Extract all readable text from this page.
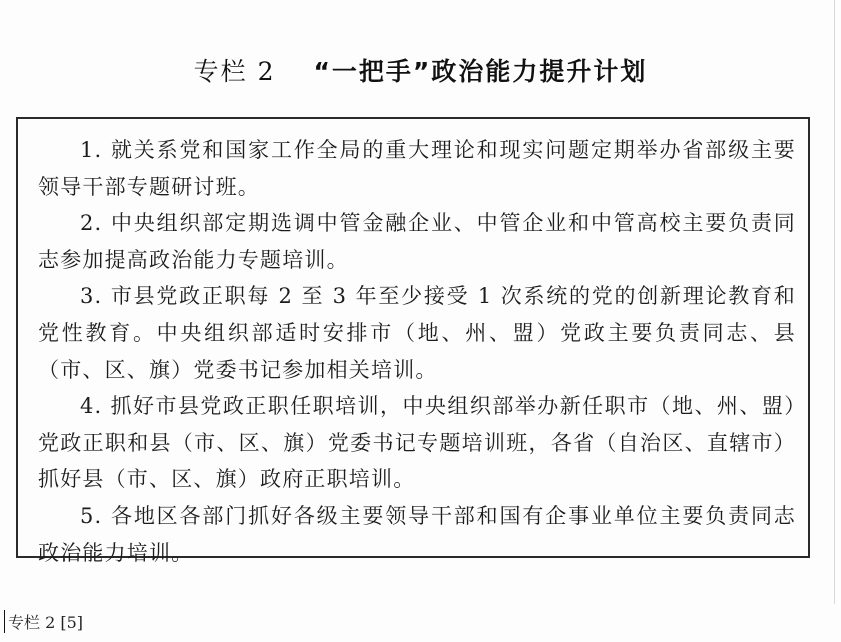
专栏 2 “一把手”政治能力提升计划

1. 就关系党和国家工作全局的重大理论和现实问题定期举办省部级主要领导干部专题研讨班。

2. 中央组织部定期选调中管金融企业、中管企业和中管高校主要负责同志参加提高政治能力专题培训。

3. 市县党政正职每 2 至 3 年至少接受 1 次系统的党的创新理论教育和党性教育。中央组织部适时安排市（地、州、盟）党政主要负责同志、县（市、区、旗）党委书记参加相关培训。

4. 抓好市县党政正职任职培训，中央组织部举办新任职市（地、州、盟）党政正职和县（市、区、旗）党委书记专题培训班，各省（自治区、直辖市）抓好县（市、区、旗）政府正职培训。

5. 各地区各部门抓好各级主要领导干部和国有企事业单位主要负责同志政治能力培训。

专栏 2 [5]
